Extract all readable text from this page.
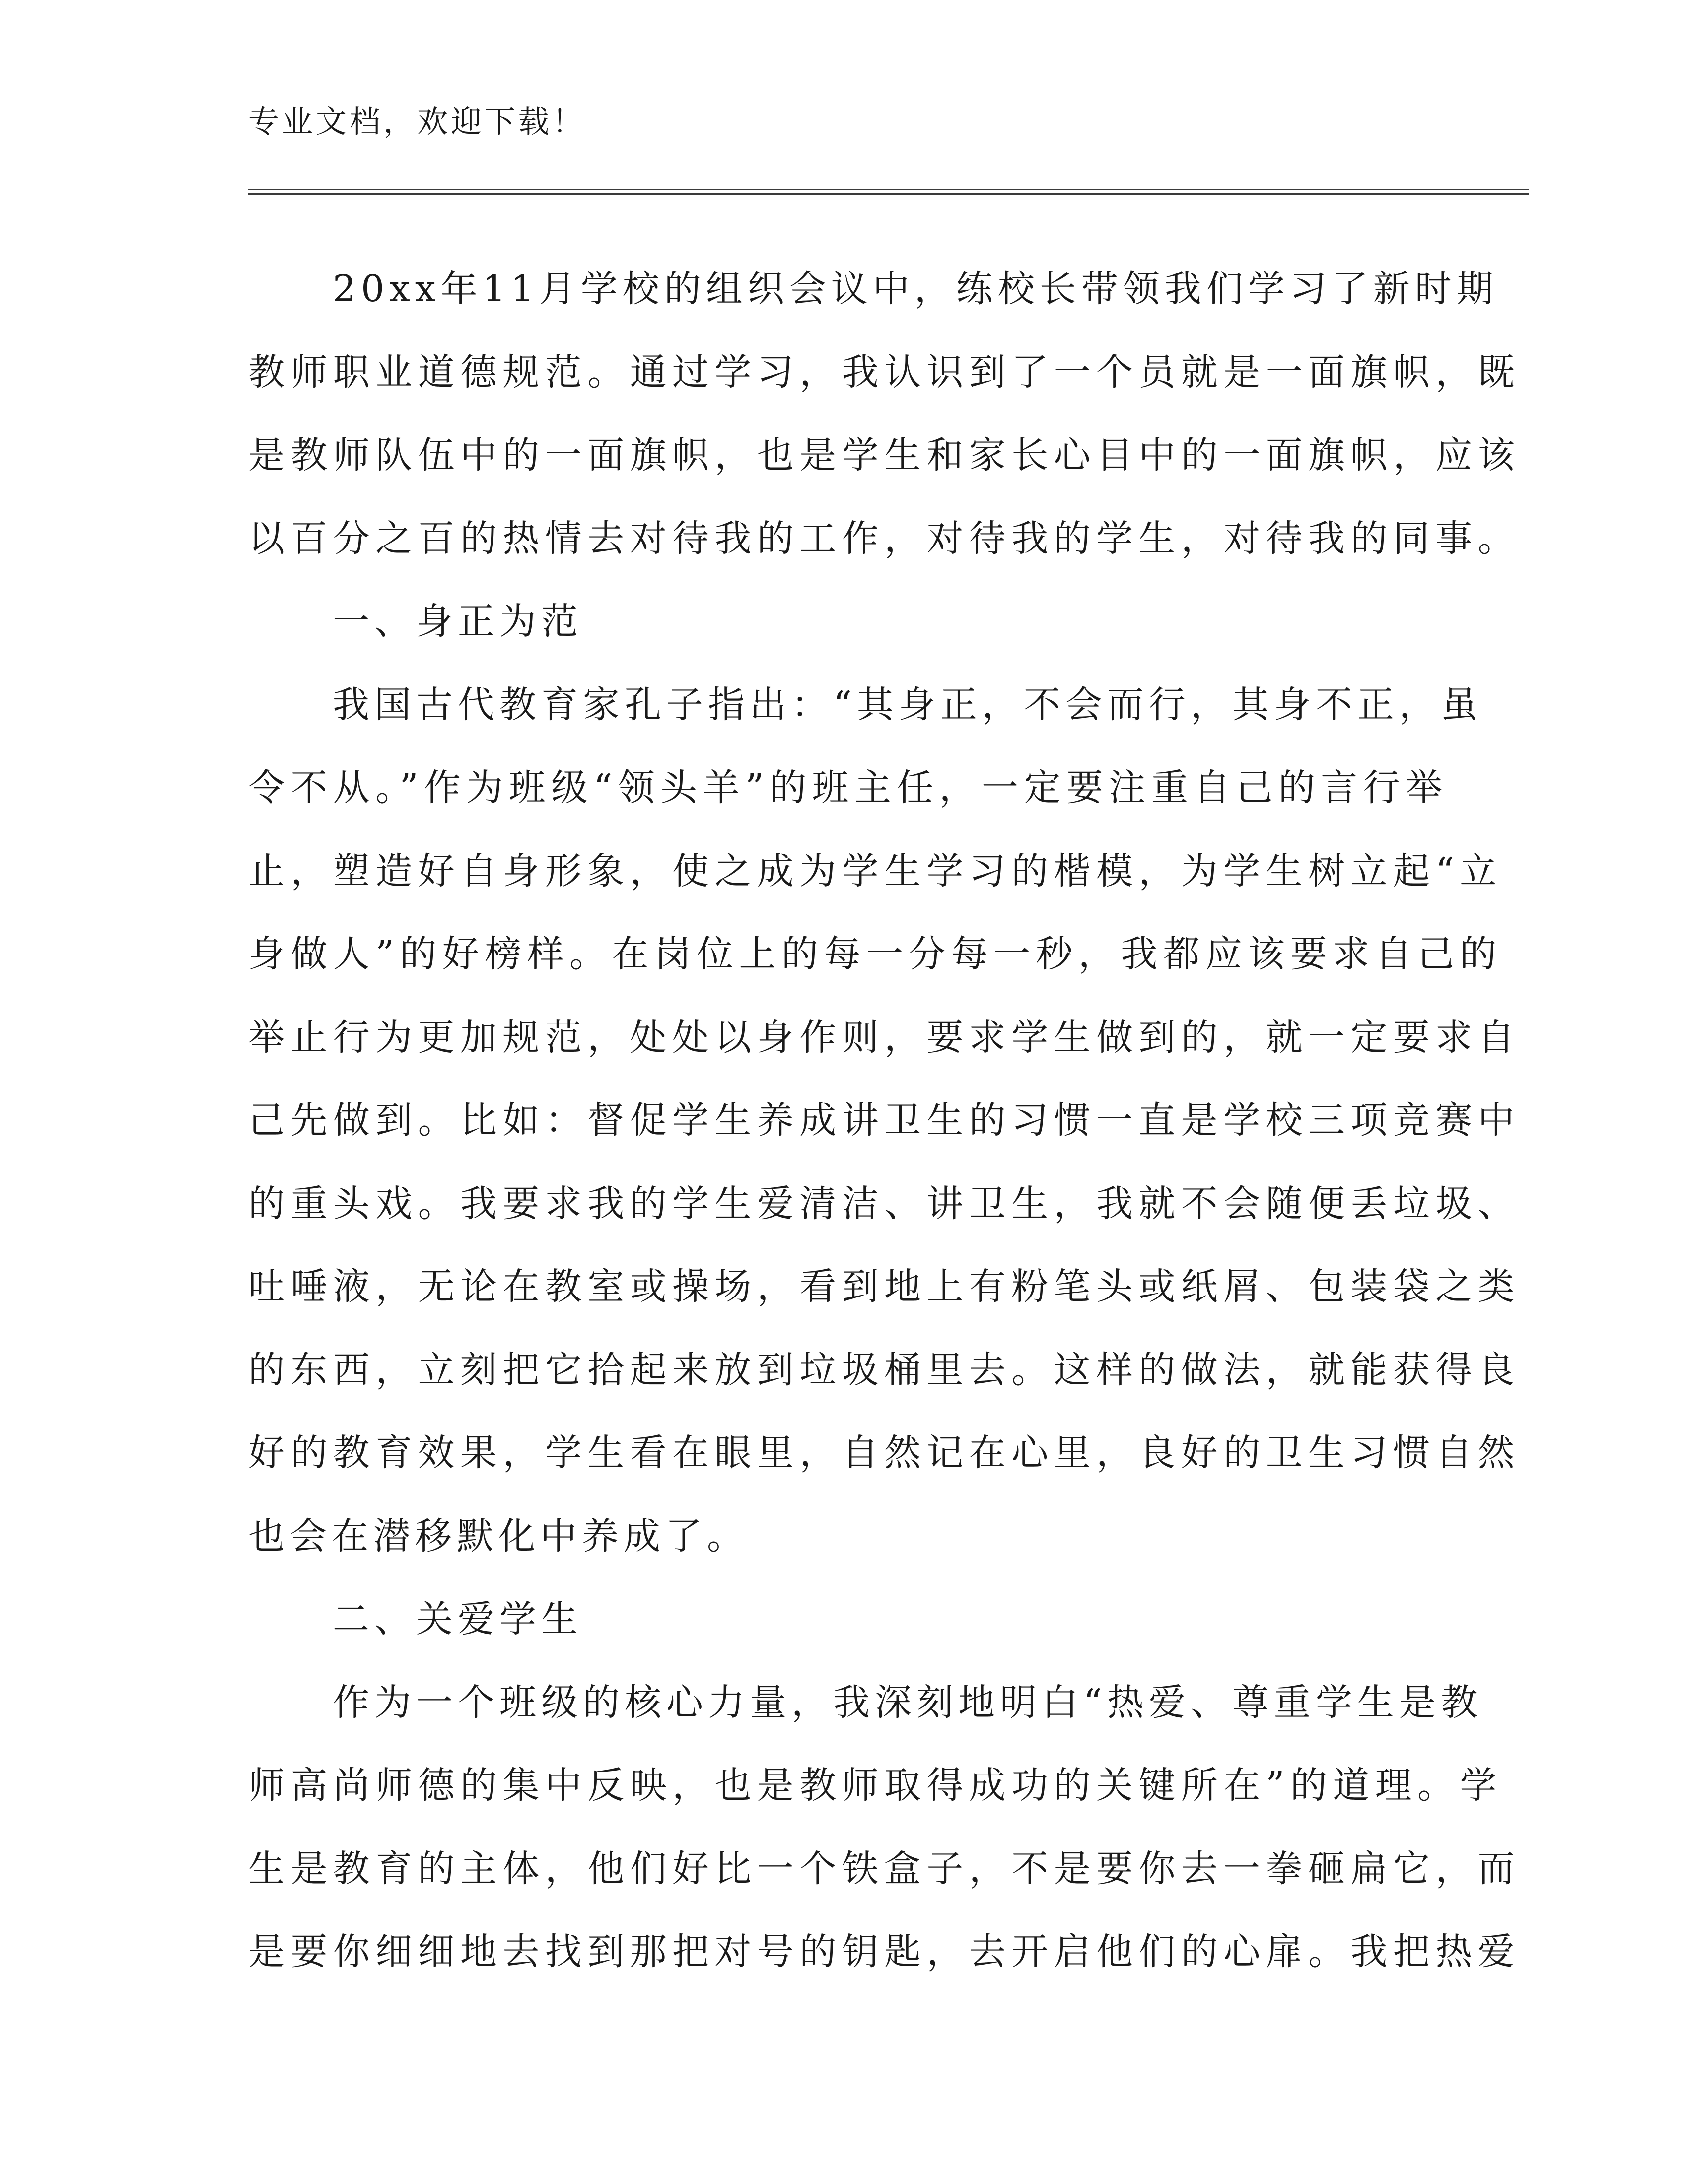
专业文档，欢迎下载！
20xx年11月学校的组织会议中，练校长带领我们学习了新时期
教师职业道德规范。通过学习，我认识到了一个员就是一面旗帜，既
是教师队伍中的一面旗帜，也是学生和家长心目中的一面旗帜，应该
以百分之百的热情去对待我的工作，对待我的学生，对待我的同事。
一、身正为范
我国古代教育家孔子指出：“其身正，不会而行，其身不正，虽
令不从。”作为班级“领头羊”的班主任，一定要注重自己的言行举
止，塑造好自身形象，使之成为学生学习的楷模，为学生树立起“立
身做人”的好榜样。在岗位上的每一分每一秒，我都应该要求自己的
举止行为更加规范，处处以身作则，要求学生做到的，就一定要求自
己先做到。比如：督促学生养成讲卫生的习惯一直是学校三项竞赛中
的重头戏。我要求我的学生爱清洁、讲卫生，我就不会随便丢垃圾、
吐唾液，无论在教室或操场，看到地上有粉笔头或纸屑、包装袋之类
的东西，立刻把它拾起来放到垃圾桶里去。这样的做法，就能获得良
好的教育效果，学生看在眼里，自然记在心里，良好的卫生习惯自然
也会在潜移默化中养成了。
二、关爱学生
作为一个班级的核心力量，我深刻地明白“热爱、尊重学生是教
师高尚师德的集中反映，也是教师取得成功的关键所在”的道理。学
生是教育的主体，他们好比一个铁盒子，不是要你去一拳砸扁它，而
是要你细细地去找到那把对号的钥匙，去开启他们的心扉。我把热爱
